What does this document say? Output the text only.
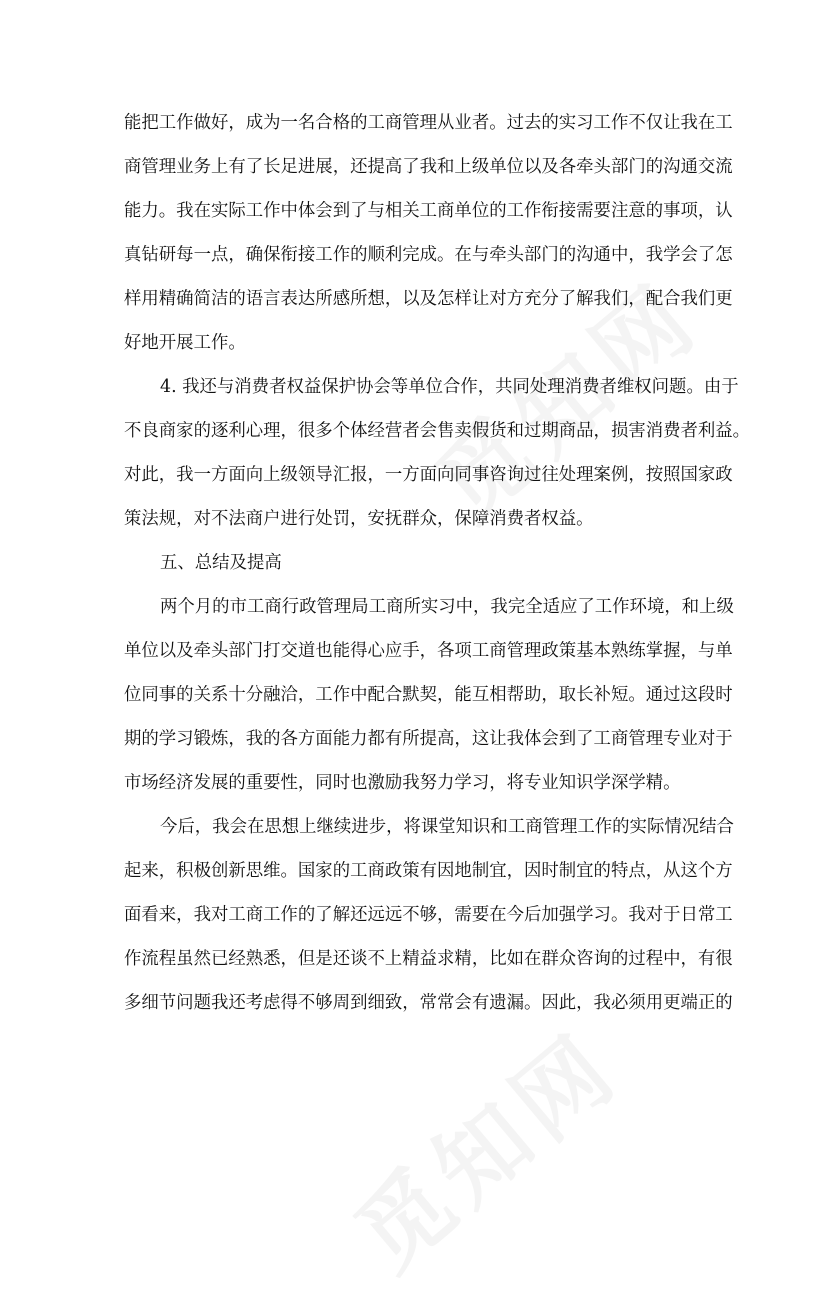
能把工作做好，成为一名合格的工商管理从业者。过去的实习工作不仅让我在工
商管理业务上有了长足进展，还提高了我和上级单位以及各牵头部门的沟通交流
能力。我在实际工作中体会到了与相关工商单位的工作衔接需要注意的事项，认
真钻研每一点，确保衔接工作的顺利完成。在与牵头部门的沟通中，我学会了怎
样用精确简洁的语言表达所感所想，以及怎样让对方充分了解我们，配合我们更
好地开展工作。
4. 我还与消费者权益保护协会等单位合作，共同处理消费者维权问题。由于
不良商家的逐利心理，很多个体经营者会售卖假货和过期商品，损害消费者利益。
对此，我一方面向上级领导汇报，一方面向同事咨询过往处理案例，按照国家政
策法规，对不法商户进行处罚，安抚群众，保障消费者权益。
五、总结及提高
两个月的市工商行政管理局工商所实习中，我完全适应了工作环境，和上级
单位以及牵头部门打交道也能得心应手，各项工商管理政策基本熟练掌握，与单
位同事的关系十分融洽，工作中配合默契，能互相帮助，取长补短。通过这段时
期的学习锻炼，我的各方面能力都有所提高，这让我体会到了工商管理专业对于
市场经济发展的重要性，同时也激励我努力学习，将专业知识学深学精。
今后，我会在思想上继续进步，将课堂知识和工商管理工作的实际情况结合
起来，积极创新思维。国家的工商政策有因地制宜，因时制宜的特点，从这个方
面看来，我对工商工作的了解还远远不够，需要在今后加强学习。我对于日常工
作流程虽然已经熟悉，但是还谈不上精益求精，比如在群众咨询的过程中，有很
多细节问题我还考虑得不够周到细致，常常会有遗漏。因此，我必须用更端正的
